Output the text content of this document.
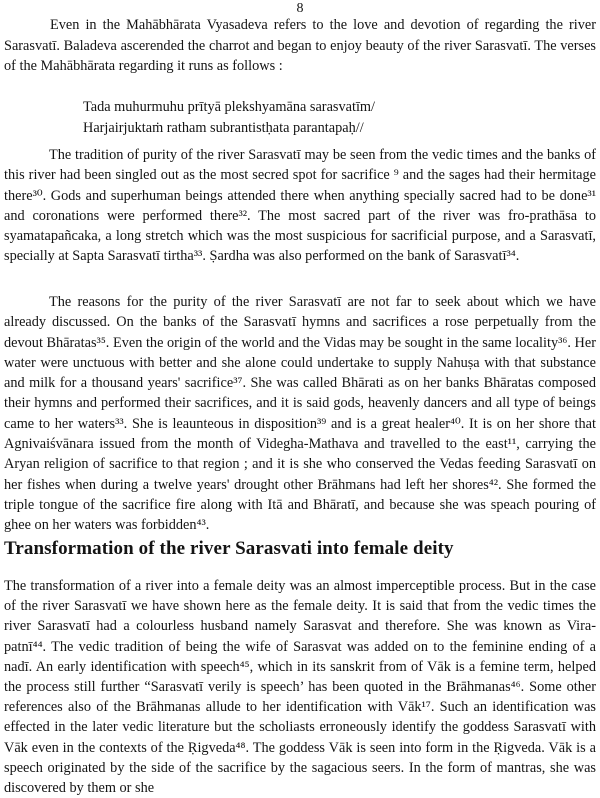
8

Even in the Mahābhārata Vyasadeva refers to the love and devotion of regarding the river Sarasvatī. Baladeva ascerended the charrot and began to enjoy beauty of the river Sarasvatī. The verses of the Mahābhārata regarding it runs as follows :

Tada muhurmuhu prītyā plekshyamāna sarasvatīm/
Harjairjuktaṁ ratham subrantistḥata parantapaḥ//

The tradition of purity of the river Sarasvatī may be seen from the vedic times and the banks of this river had been singled out as the most secred spot for sacrifice ⁹ and the sages had their hermitage there³⁰. Gods and superhuman beings attended there when anything specially sacred had to be done³¹ and coronations were performed there³². The most sacred part of the river was fro-prathāsa to syamatapañcaka, a long stretch which was the most suspicious for sacrificial purpose, and a Sarasvatī, specially at Sapta Sarasvatī tirtha³³. Ṣardha was also performed on the bank of Sarasvatī³⁴.

The reasons for the purity of the river Sarasvatī are not far to seek about which we have already discussed. On the banks of the Sarasvatī hymns and sacrifices a rose perpetually from the devout Bhāratas³⁵. Even the origin of the world and the Vidas may be sought in the same locality³⁶. Her water were unctuous with better and she alone could undertake to supply Nahuṣa with that substance and milk for a thousand years' sacrifice³⁷. She was called Bhārati as on her banks Bhāratas composed their hymns and performed their sacrifices, and it is said gods, heavenly dancers and all type of beings came to her waters³³. She is leaunteous in disposition³⁹ and is a great healer⁴⁰. It is on her shore that Agnivaiśvānara issued from the month of Videgha-Mathava and travelled to the east¹¹, carrying the Aryan religion of sacrifice to that region ; and it is she who conserved the Vedas feeding Sarasvatī on her fishes when during a twelve years' drought other Brāhmans had left her shores⁴². She formed the triple tongue of the sacrifice fire along with Itā and Bhāratī, and because she was speach pouring of ghee on her waters was forbidden⁴³.

Transformation of the river Sarasvati into female deity

The transformation of a river into a female deity was an almost imperceptible process. But in the case of the river Sarasvatī we have shown here as the female deity. It is said that from the vedic times the river Sarasvatī had a colourless husband namely Sarasvat and therefore. She was known as Vira-patnī⁴⁴. The vedic tradition of being the wife of Sarasvat was added on to the feminine ending of a nadī. An early identification with speech⁴⁵, which in its sanskrit from of Vāk is a femine term, helped the process still further “Sarasvatī verily is speech’ has been quoted in the Brāhmanas⁴⁶. Some other references also of the Brāhmanas allude to her identification with Vāk¹⁷. Such an identification was effected in the later vedic literature but the scholiasts erroneously identify the goddess Sarasvatī with Vāk even in the contexts of the Ṛigveda⁴⁸. The goddess Vāk is seen into form in the Ṛigveda. Vāk is a speech originated by the side of the sacrifice by the sagacious seers. In the form of mantras, she was discovered by them or she
